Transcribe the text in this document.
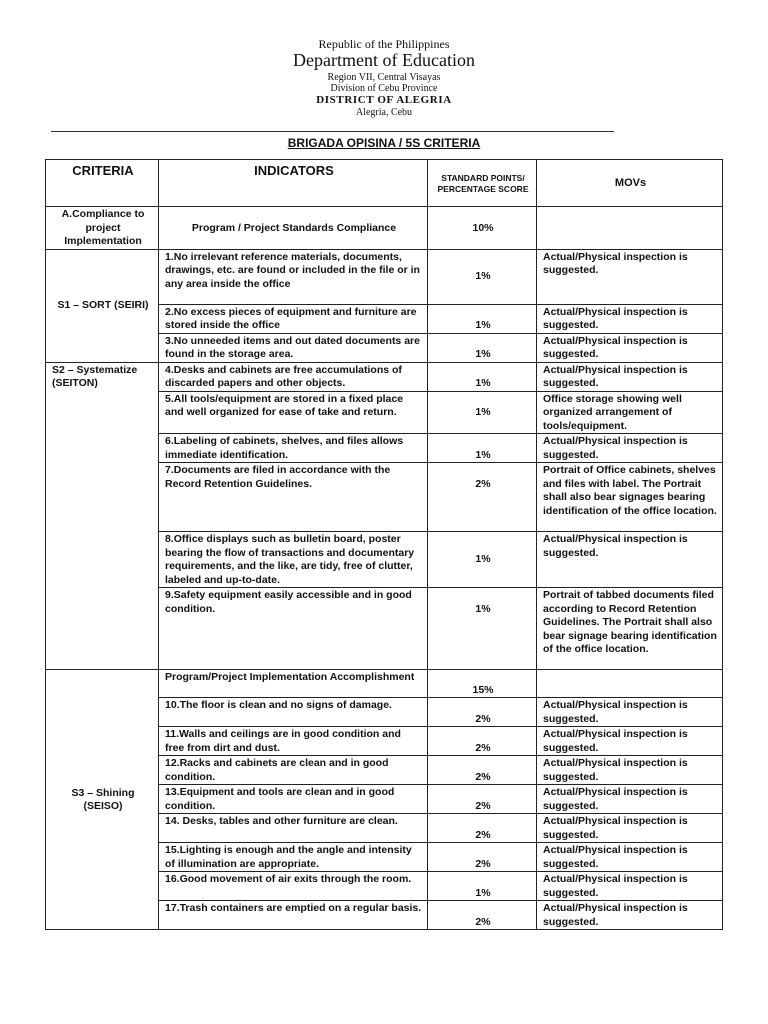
Republic of the Philippines
Department of Education
Region VII, Central Visayas
Division of Cebu Province
DISTRICT OF ALEGRIA
Alegria, Cebu
BRIGADA OPISINA / 5S CRITERIA
CRITERIA	INDICATORS	STANDARD POINTS/ PERCENTAGE SCORE	MOVs
A.Compliance to project Implementation	Program / Project Standards Compliance	10%	
S1 – SORT (SEIRI)	1.No irrelevant reference materials, documents, drawings, etc. are found or included in the file or in any area inside the office	1%	Actual/Physical inspection is suggested.
	2.No excess pieces of equipment and furniture are stored inside the office	1%	Actual/Physical inspection is suggested.
	3.No unneeded items and out dated documents are found in the storage area.	1%	Actual/Physical inspection is suggested.
S2 – Systematize (SEITON)	4.Desks and cabinets are free accumulations of discarded papers and other objects.	1%	Actual/Physical inspection is suggested.
	5.All tools/equipment are stored in a fixed place and well organized for ease of take and return.	1%	Office storage showing well organized arrangement of tools/equipment.
	6.Labeling of cabinets, shelves, and files allows immediate identification.	1%	Actual/Physical inspection is suggested.
	7.Documents are filed in accordance with the Record Retention Guidelines.	2%	Portrait of Office cabinets, shelves and files with label. The Portrait shall also bear signages bearing identification of the office location.
	8.Office displays such as bulletin board, poster bearing the flow of transactions and documentary requirements, and the like, are tidy, free of clutter, labeled and up-to-date.	1%	Actual/Physical inspection is suggested.
	9.Safety equipment easily accessible and in good condition.	1%	Portrait of tabbed documents filed according to Record Retention Guidelines. The Portrait shall also bear signage bearing identification of the office location.
S3 – Shining (SEISO)	Program/Project Implementation Accomplishment	15%	
	10.The floor is clean and no signs of damage.	2%	Actual/Physical inspection is suggested.
	11.Walls and ceilings are in good condition and free from dirt and dust.	2%	Actual/Physical inspection is suggested.
	12.Racks and cabinets are clean and in good condition.	2%	Actual/Physical inspection is suggested.
	13.Equipment and tools are clean and in good condition.	2%	Actual/Physical inspection is suggested.
	14. Desks, tables and other furniture are clean.	2%	Actual/Physical inspection is suggested.
	15.Lighting is enough and the angle and intensity of illumination are appropriate.	2%	Actual/Physical inspection is suggested.
	16.Good movement of air exits through the room.	1%	Actual/Physical inspection is suggested.
	17.Trash containers are emptied on a regular basis.	2%	Actual/Physical inspection is suggested.
